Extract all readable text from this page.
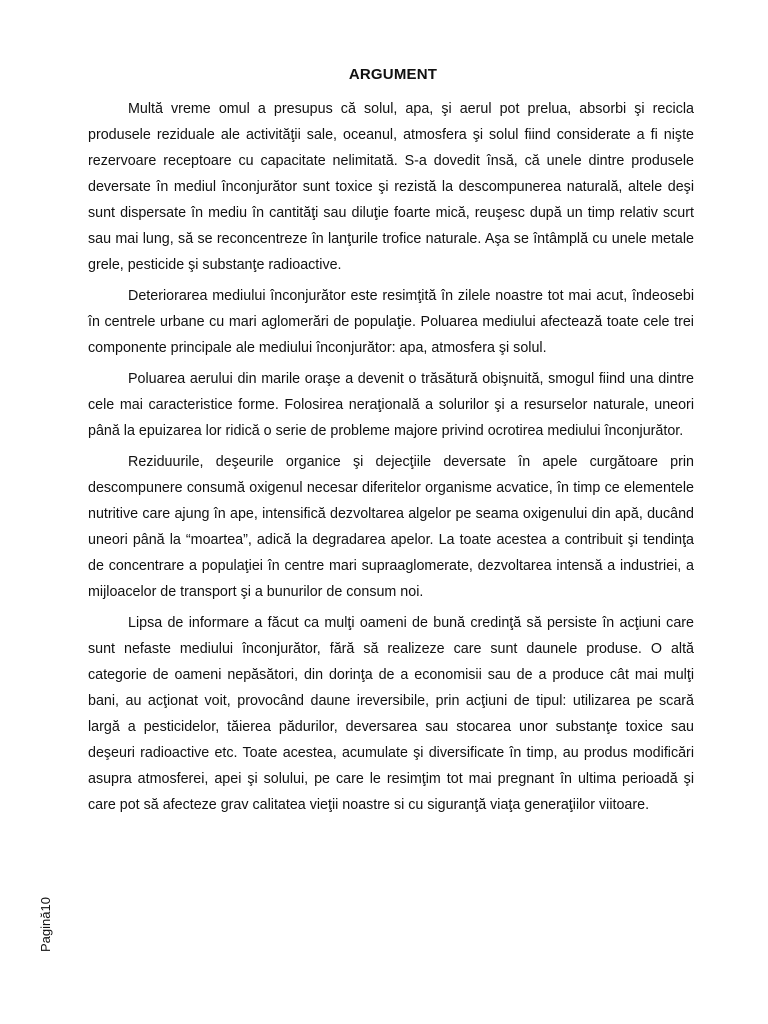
ARGUMENT

Multă vreme omul a presupus că solul, apa, şi aerul pot prelua, absorbi şi recicla produsele reziduale ale activităţii sale, oceanul, atmosfera şi solul fiind considerate a fi nişte rezervoare receptoare cu capacitate nelimitată. S-a dovedit însă, că unele dintre produsele deversate în mediul înconjurător sunt toxice şi rezistă la descompunerea naturală, altele deşi sunt dispersate în mediu în cantităţi sau diluţie foarte mică, reuşesc după un timp relativ scurt sau mai lung, să se reconcentreze în lanţurile trofice naturale. Aşa se întâmplă cu unele metale grele, pesticide şi substanţe radioactive.

Deteriorarea mediului înconjurător este resimţită în zilele noastre tot mai acut, îndeosebi în centrele urbane cu mari aglomerări de populaţie. Poluarea mediului afectează toate cele trei componente principale ale mediului înconjurător: apa, atmosfera şi solul.

Poluarea aerului din marile oraşe a devenit o trăsătură obişnuită, smogul fiind una dintre cele mai caracteristice forme. Folosirea neraţională a solurilor şi a resurselor naturale, uneori până la epuizarea lor ridică o serie de probleme majore privind ocrotirea mediului înconjurător.

Reziduurile, deşeurile organice şi dejecţiile deversate în apele curgătoare prin descompunere consumă oxigenul necesar diferitelor organisme acvatice, în timp ce elementele nutritive care ajung în ape, intensifică dezvoltarea algelor pe seama oxigenului din apă, ducând uneori până la “moartea”, adică la degradarea apelor. La toate acestea a contribuit şi tendinţa de concentrare a populaţiei în centre mari supraaglomerate, dezvoltarea intensă a industriei, a mijloacelor de transport şi a bunurilor de consum noi.

Lipsa de informare a făcut ca mulţi oameni de bună credinţă să persiste în acţiuni care sunt nefaste mediului înconjurător, fără să realizeze care sunt daunele produse. O altă categorie de oameni nepăsători, din dorinţa de a economisii sau de a produce cât mai mulţi bani, au acţionat voit, provocând daune ireversibile, prin acţiuni de tipul: utilizarea pe scară largă a pesticidelor, tăierea pădurilor, deversarea sau stocarea unor substanţe toxice sau deşeuri radioactive etc. Toate acestea, acumulate şi diversificate în timp, au produs modificări asupra atmosferei, apei şi solului, pe care le resimţim tot mai pregnant în ultima perioadă şi care pot să afecteze grav calitatea vieţii noastre si cu siguranţă viaţa generaţiilor viitoare.

Pagină10
